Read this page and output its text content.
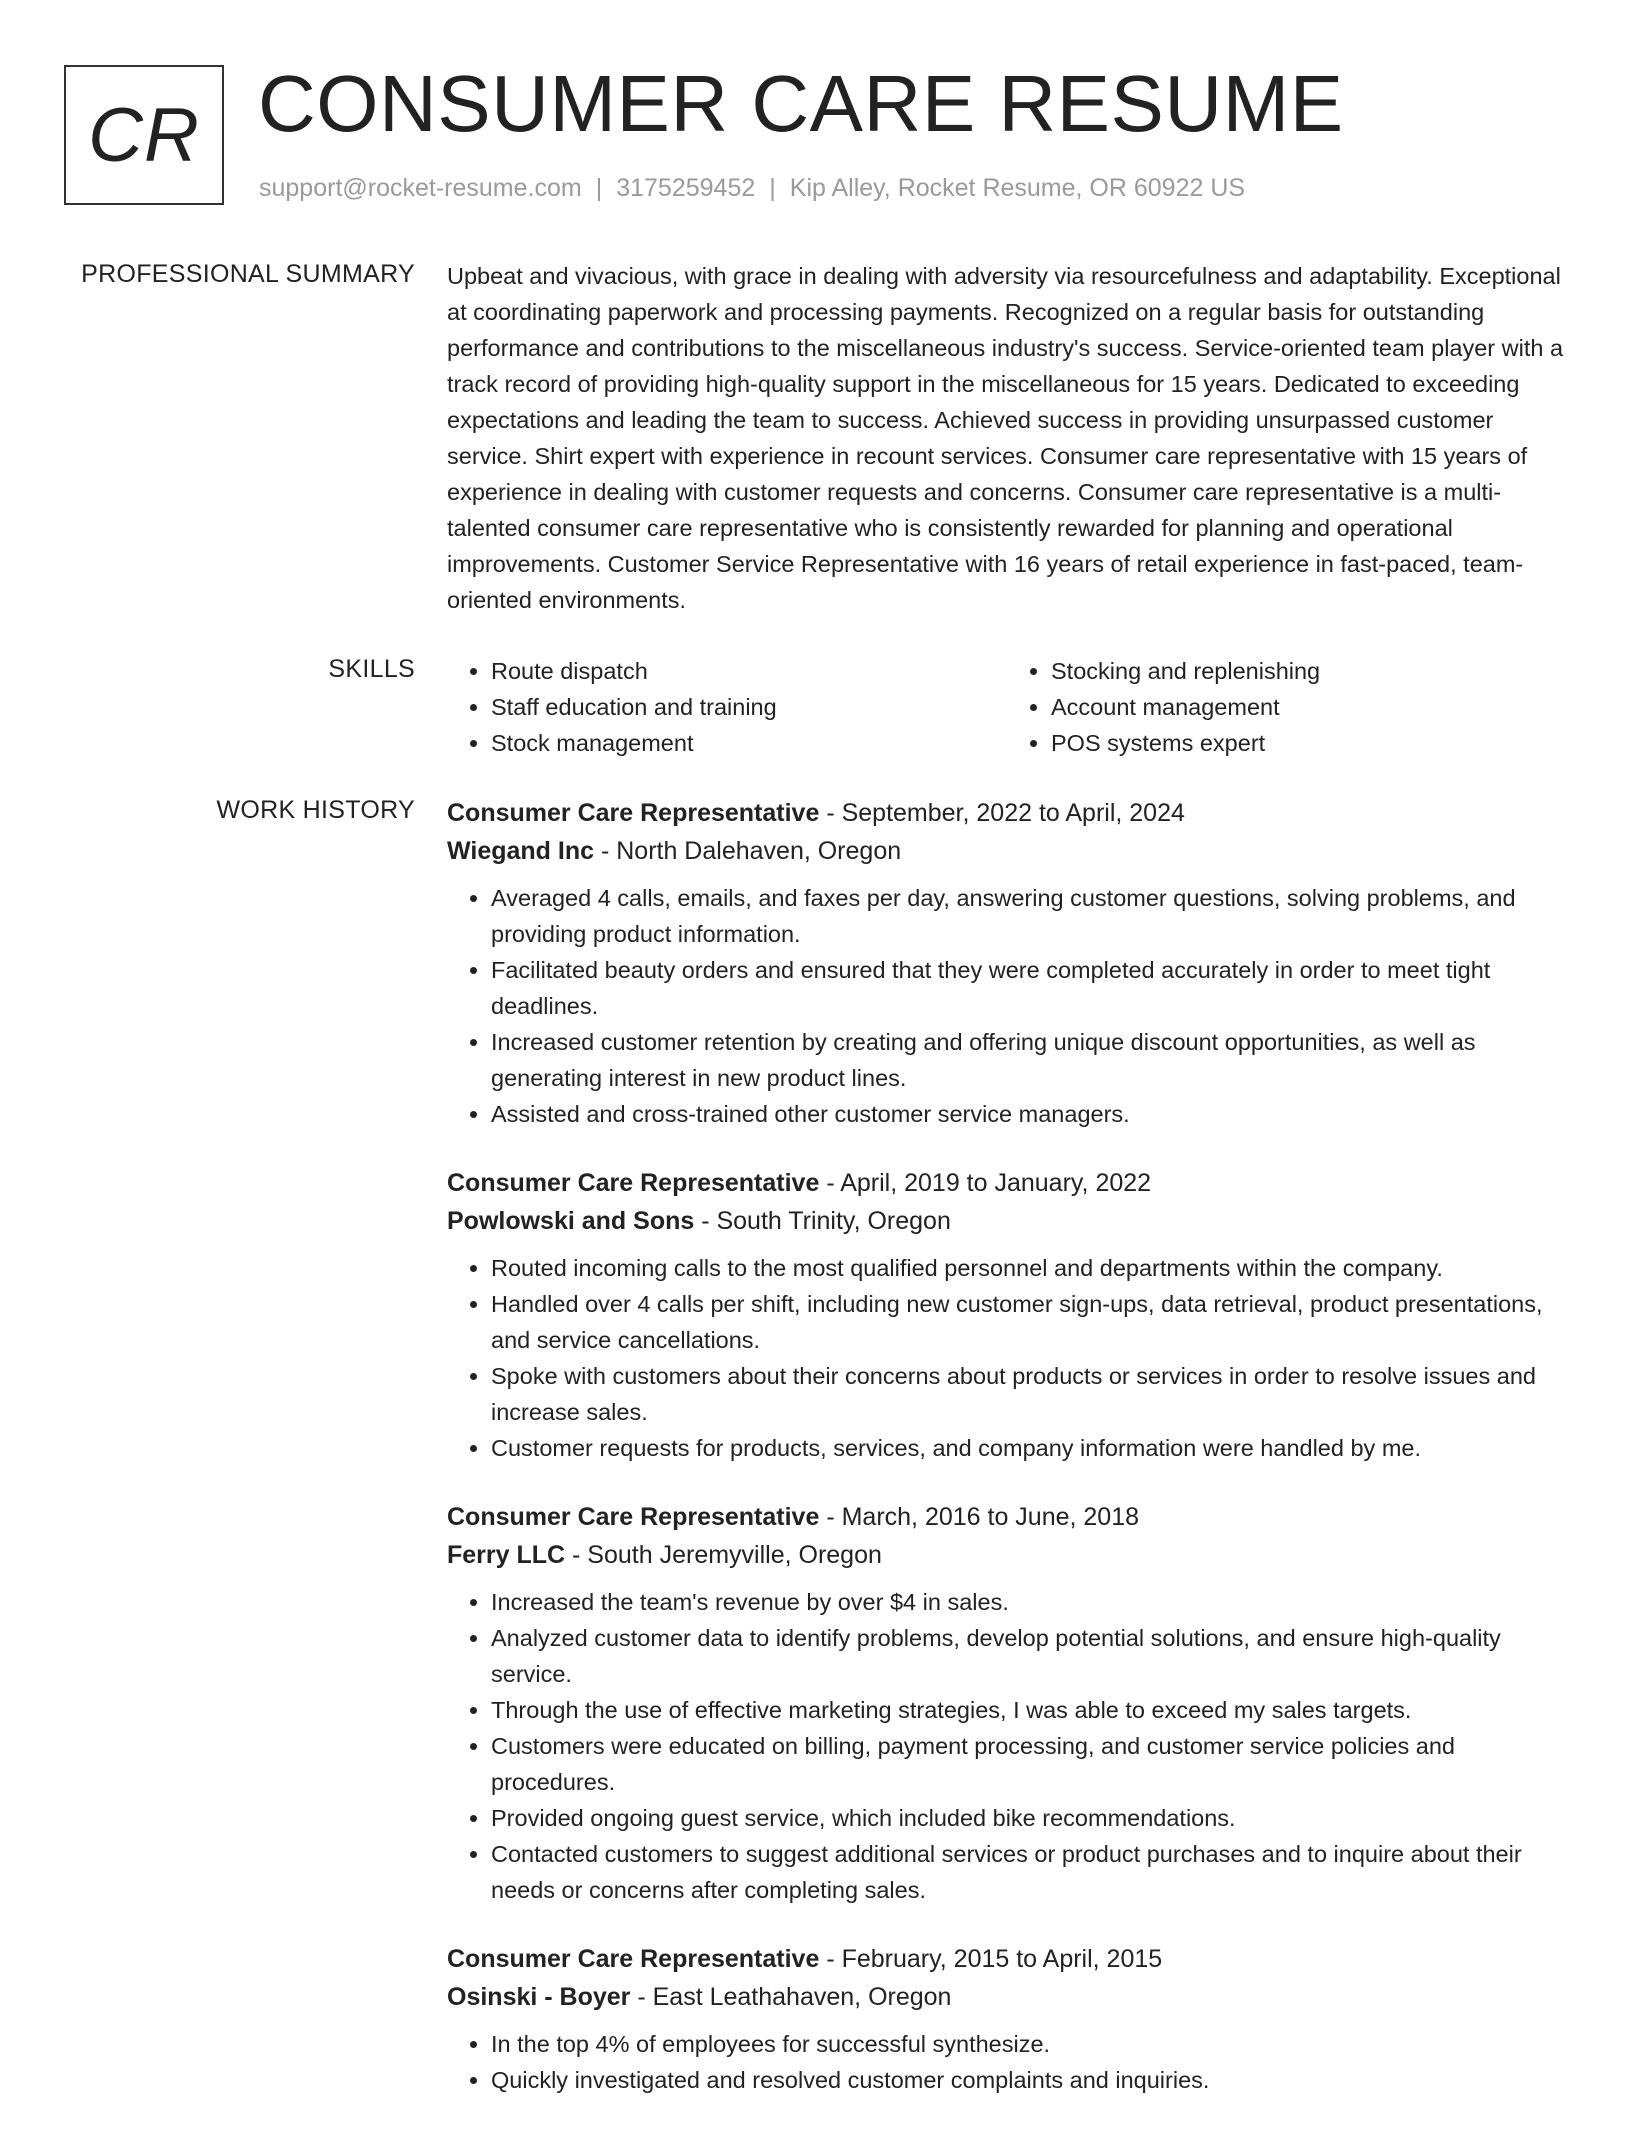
CR CONSUMER CARE RESUME
support@rocket-resume.com | 3175259452 | Kip Alley, Rocket Resume, OR 60922 US
PROFESSIONAL SUMMARY Upbeat and vivacious, with grace in dealing with adversity via resourcefulness and adaptability. Exceptional at coordinating paperwork and processing payments. Recognized on a regular basis for outstanding performance and contributions to the miscellaneous industry's success. Service-oriented team player with a track record of providing high-quality support in the miscellaneous for 15 years. Dedicated to exceeding expectations and leading the team to success. Achieved success in providing unsurpassed customer service. Shirt expert with experience in recount services. Consumer care representative with 15 years of experience in dealing with customer requests and concerns. Consumer care representative is a multi-talented consumer care representative who is consistently rewarded for planning and operational improvements. Customer Service Representative with 16 years of retail experience in fast-paced, team-oriented environments.

SKILLS
•	Route dispatch
• Staff education and training
• Stock management
• Stocking and replenishing
• Account management
• POS systems expert
WORK HISTORY Consumer Care Representative - September, 2022 to April, 2024
Wiegand Inc - North Dalehaven, Oregon
• Averaged 4 calls, emails, and faxes per day, answering customer questions, solving problems, and providing product information.
• Facilitated beauty orders and ensured that they were completed accurately in order to meet tight deadlines.
• Increased customer retention by creating and offering unique discount opportunities, as well as generating interest in new product lines.
• Assisted and cross-trained other customer service managers.
Consumer Care Representative - April, 2019 to January, 2022
Powlowski and Sons - South Trinity, Oregon
• Routed incoming calls to the most qualified personnel and departments within the company.
• Handled over 4 calls per shift, including new customer sign-ups, data retrieval, product presentations, and service cancellations.
• Spoke with customers about their concerns about products or services in order to resolve issues and increase sales.
• Customer requests for products, services, and company information were handled by me.
Consumer Care Representative - March, 2016 to June, 2018
Ferry LLC - South Jeremyville, Oregon
• Increased the team's revenue by over $4 in sales.
• Analyzed customer data to identify problems, develop potential solutions, and ensure high-quality service.
• Through the use of effective marketing strategies, I was able to exceed my sales targets.
• Customers were educated on billing, payment processing, and customer service policies and procedures.
• Provided ongoing guest service, which included bike recommendations.
• Contacted customers to suggest additional services or product purchases and to inquire about their needs or concerns after completing sales.
Consumer Care Representative - February, 2015 to April, 2015
Osinski - Boyer - East Leathahaven, Oregon
• In the top 4% of employees for successful synthesize.
• Quickly investigated and resolved customer complaints and inquiries.
